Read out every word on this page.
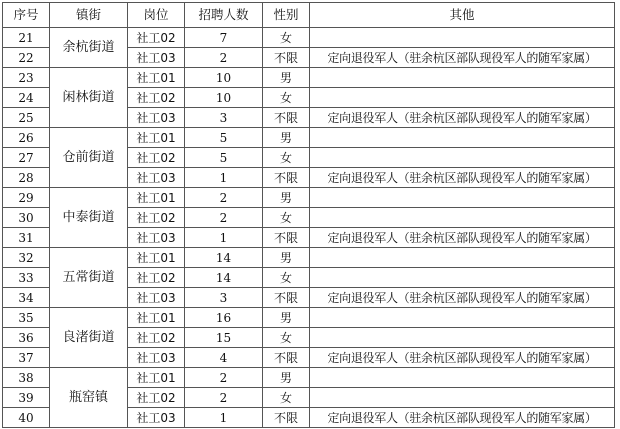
序号	镇街	岗位	招聘人数	性别	其他
21	余杭街道	社工02	7	女	
22		社工03	2	不限	定向退役军人（驻余杭区部队现役军人的随军家属）
23	闲林街道	社工01	10	男	
24		社工02	10	女	
25		社工03	3	不限	定向退役军人（驻余杭区部队现役军人的随军家属）
26	仓前街道	社工01	5	男	
27		社工02	5	女	
28		社工03	1	不限	定向退役军人（驻余杭区部队现役军人的随军家属）
29	中泰街道	社工01	2	男	
30		社工02	2	女	
31		社工03	1	不限	定向退役军人（驻余杭区部队现役军人的随军家属）
32	五常街道	社工01	14	男	
33		社工02	14	女	
34		社工03	3	不限	定向退役军人（驻余杭区部队现役军人的随军家属）
35	良渚街道	社工01	16	男	
36		社工02	15	女	
37		社工03	4	不限	定向退役军人（驻余杭区部队现役军人的随军家属）
38	瓶窑镇	社工01	2	男	
39		社工02	2	女	
40		社工03	1	不限	定向退役军人（驻余杭区部队现役军人的随军家属）
